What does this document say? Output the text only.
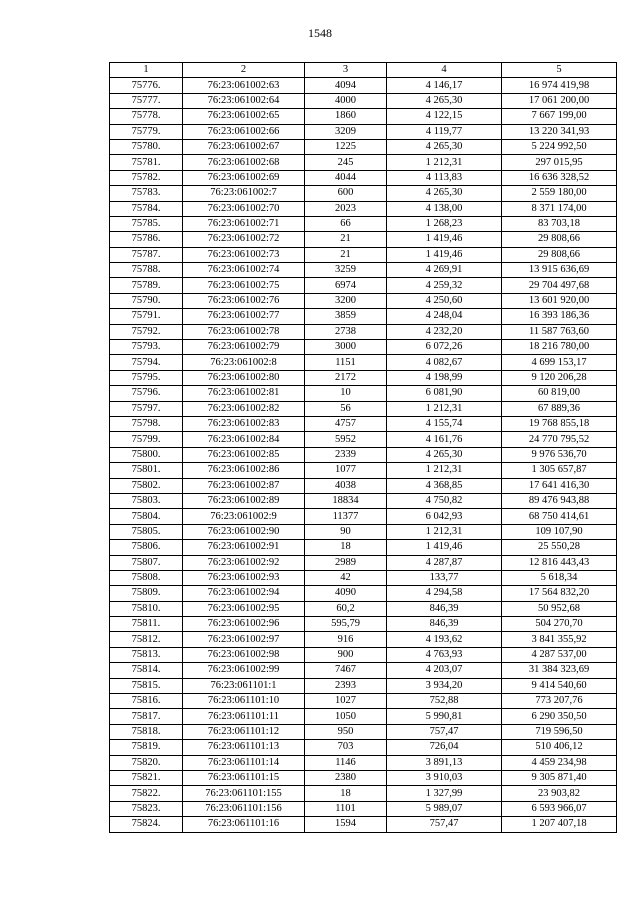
1548
1	2	3	4	5
75776.	76:23:061002:63	4094	4 146,17	16 974 419,98
75777.	76:23:061002:64	4000	4 265,30	17 061 200,00
75778.	76:23:061002:65	1860	4 122,15	7 667 199,00
75779.	76:23:061002:66	3209	4 119,77	13 220 341,93
75780.	76:23:061002:67	1225	4 265,30	5 224 992,50
75781.	76:23:061002:68	245	1 212,31	297 015,95
75782.	76:23:061002:69	4044	4 113,83	16 636 328,52
75783.	76:23:061002:7	600	4 265,30	2 559 180,00
75784.	76:23:061002:70	2023	4 138,00	8 371 174,00
75785.	76:23:061002:71	66	1 268,23	83 703,18
75786.	76:23:061002:72	21	1 419,46	29 808,66
75787.	76:23:061002:73	21	1 419,46	29 808,66
75788.	76:23:061002:74	3259	4 269,91	13 915 636,69
75789.	76:23:061002:75	6974	4 259,32	29 704 497,68
75790.	76:23:061002:76	3200	4 250,60	13 601 920,00
75791.	76:23:061002:77	3859	4 248,04	16 393 186,36
75792.	76:23:061002:78	2738	4 232,20	11 587 763,60
75793.	76:23:061002:79	3000	6 072,26	18 216 780,00
75794.	76:23:061002:8	1151	4 082,67	4 699 153,17
75795.	76:23:061002:80	2172	4 198,99	9 120 206,28
75796.	76:23:061002:81	10	6 081,90	60 819,00
75797.	76:23:061002:82	56	1 212,31	67 889,36
75798.	76:23:061002:83	4757	4 155,74	19 768 855,18
75799.	76:23:061002:84	5952	4 161,76	24 770 795,52
75800.	76:23:061002:85	2339	4 265,30	9 976 536,70
75801.	76:23:061002:86	1077	1 212,31	1 305 657,87
75802.	76:23:061002:87	4038	4 368,85	17 641 416,30
75803.	76:23:061002:89	18834	4 750,82	89 476 943,88
75804.	76:23:061002:9	11377	6 042,93	68 750 414,61
75805.	76:23:061002:90	90	1 212,31	109 107,90
75806.	76:23:061002:91	18	1 419,46	25 550,28
75807.	76:23:061002:92	2989	4 287,87	12 816 443,43
75808.	76:23:061002:93	42	133,77	5 618,34
75809.	76:23:061002:94	4090	4 294,58	17 564 832,20
75810.	76:23:061002:95	60,2	846,39	50 952,68
75811.	76:23:061002:96	595,79	846,39	504 270,70
75812.	76:23:061002:97	916	4 193,62	3 841 355,92
75813.	76:23:061002:98	900	4 763,93	4 287 537,00
75814.	76:23:061002:99	7467	4 203,07	31 384 323,69
75815.	76:23:061101:1	2393	3 934,20	9 414 540,60
75816.	76:23:061101:10	1027	752,88	773 207,76
75817.	76:23:061101:11	1050	5 990,81	6 290 350,50
75818.	76:23:061101:12	950	757,47	719 596,50
75819.	76:23:061101:13	703	726,04	510 406,12
75820.	76:23:061101:14	1146	3 891,13	4 459 234,98
75821.	76:23:061101:15	2380	3 910,03	9 305 871,40
75822.	76:23:061101:155	18	1 327,99	23 903,82
75823.	76:23:061101:156	1101	5 989,07	6 593 966,07
75824.	76:23:061101:16	1594	757,47	1 207 407,18
